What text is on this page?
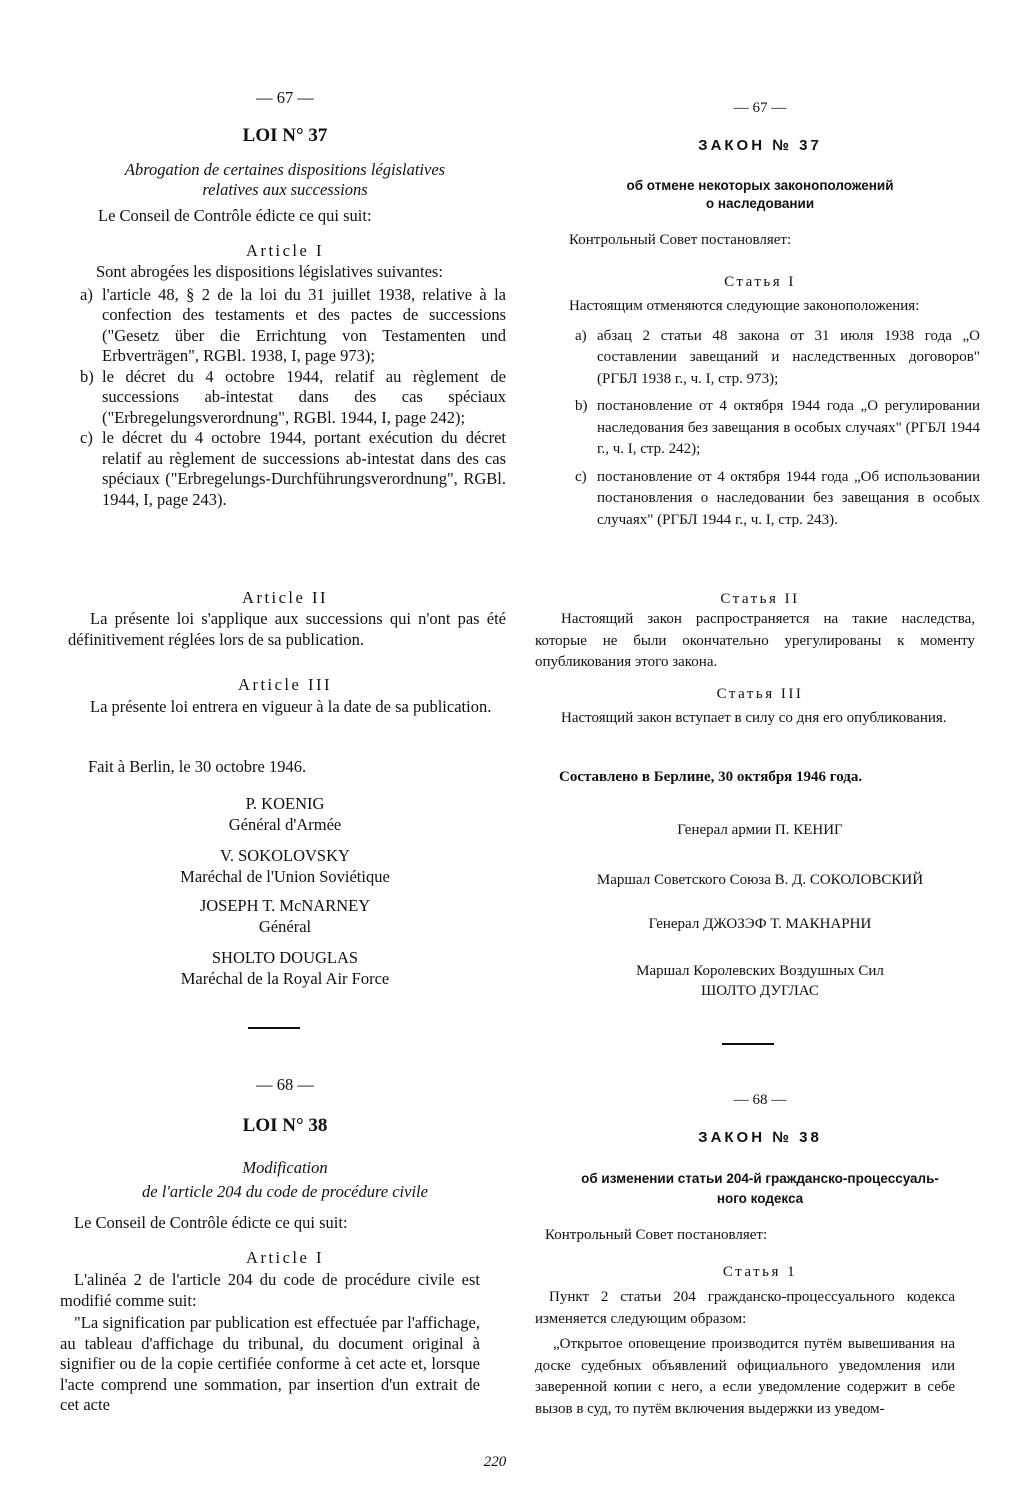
— 67 —
LOI N° 37
Abrogation de certaines dispositions législatives
relatives aux successions
Le Conseil de Contrôle édicte ce qui suit:
Article I

Sont abrogées les dispositions législatives suivantes:

a) l'article 48, § 2 de la loi du 31 juillet 1938, relative à la confection des testaments et des pactes de successions ("Gesetz über die Errichtung von Testamenten und Erbverträgen", RGBl. 1938, I, page 973);
b) le décret du 4 octobre 1944, relatif au règlement de successions ab-intestat dans des cas spéciaux ("Erbregelungsverordnung", RGBl. 1944, I, page 242);
c) le décret du 4 octobre 1944, portant exécution du décret relatif au règlement de successions ab-intestat dans des cas spéciaux ("Erbregelungs-Durchführungsverordnung", RGBl. 1944, I, page 243).
Article II

La présente loi s'applique aux successions qui n'ont pas été définitivement réglées lors de sa publication.

Article III

La présente loi entrera en vigueur à la date de sa publication.

Fait à Berlin, le 30 octobre 1946.
P. KOENIG
Général d'Armée
V. SOKOLOVSKY
Maréchal de l'Union Soviétique
JOSEPH T. McNARNEY
Général
SHOLTO DOUGLAS
Maréchal de la Royal Air Force
— 68 —
LOI N° 38
Modification
de l'article 204 du code de procédure civile
Le Conseil de Contrôle édicte ce qui suit:
Article I

L'alinéa 2 de l'article 204 du code de procédure civile est modifié comme suit:

"La signification par publication est effectuée par l'affichage, au tableau d'affichage du tribunal, du document original à signifier ou de la copie certifiée conforme à cet acte et, lorsque l'acte comprend une sommation, par insertion d'un extrait de cet acte

— 67 —
ЗАКОН № 37
об отмене некоторых законоположений
о наследовании
Контрольный Совет постановляет:
Статья I

Настоящим отменяются следующие законоположения:

а) абзац 2 статьи 48 закона от 31 июля 1938 года „О составлении завещаний и наследственных договоров" (РГБЛ 1938 г., ч. I, стр. 973);
b) постановление от 4 октября 1944 года „О регулировании наследования без завещания в особых случаях" (РГБЛ 1944 г., ч. I, стр. 242);
c) постановление от 4 октября 1944 года „Об использовании постановления о наследовании без завещания в особых случаях" (РГБЛ 1944 г., ч. I, стр. 243).
Статья II

Настоящий закон распространяется на такие наследства, которые не были окончательно урегулированы к моменту опубликования этого закона.

Статья III

Настоящий закон вступает в силу со дня его опубликования.

Составлено в Берлине, 30 октября 1946 года.
Генерал армии П. КЕНИГ
Маршал Советского Союза В. Д. СОКОЛОВСКИЙ
Генерал ДЖОЗЭФ Т. МАКНАРНИ
Маршал Королевских Воздушных Сил
ШОЛТО ДУГЛАС
— 68 —
ЗАКОН № 38
об изменении статьи 204-й гражданско-процессуаль-
ного кодекса
Контрольный Совет постановляет:
Статья 1

Пункт 2 статьи 204 гражданско-процессуального кодекса изменяется следующим образом:

„Открытое оповещение производится путём вывешивания на доске судебных объявлений официального уведомления или заверенной копии с него, а если уведомление содержит в себе вызов в суд, то путём включения выдержки из уведом-

220
